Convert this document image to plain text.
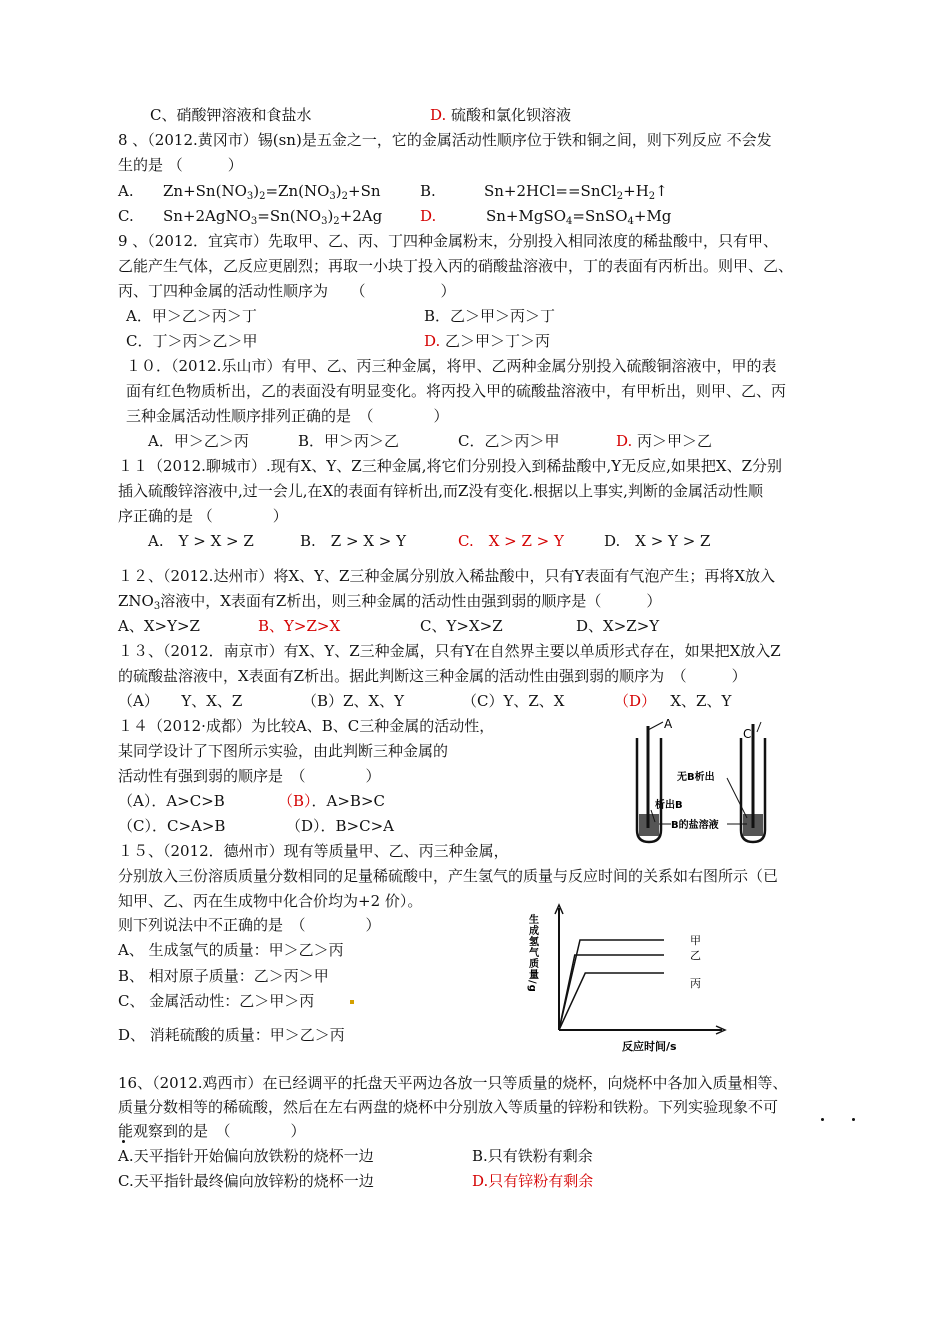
C、硝酸钾溶液和食盐水	D. 硫酸和氯化钡溶液
8 、（2012.黄冈市）锡(sn)是五金之一，它的金属活动性顺序位于铁和铜之间，则下列反应 不会发
生的是 （　　　）
A. $Zn+Sn(NO_3)_2=Zn(NO_3)_2+Sn$	B.	$Sn+2HCl==SnCl_2+H_2↑$
C. $Sn+2AgNO_3=Sn(NO_3)_2+2Ag$	D.	Sn+MgSO$_4$=SnSO$_4$+Mg
9 、（2012．宜宾市）先取甲、乙、丙、丁四种金属粉末，分别投入相同浓度的稀盐酸中，只有甲、
乙能产生气体，乙反应更剧烈；再取一小块丁投入丙的硝酸盐溶液中，丁的表面有丙析出。则甲、乙、
丙、丁四种金属的活动性顺序为　　（　　　　　）
A．甲＞乙＞丙＞丁	B．乙＞甲＞丙＞丁
C．丁＞丙＞乙＞甲	D. 乙＞甲＞丁＞丙
１０．（2012.乐山市）有甲、乙、丙三种金属，将甲、乙两种金属分别投入硫酸铜溶液中，甲的表
面有红色物质析出，乙的表面没有明显变化。将丙投入甲的硫酸盐溶液中，有甲析出，则甲、乙、丙
三种金属活动性顺序排列正确的是　（　　　　）
A．甲＞乙＞丙	B．甲＞丙＞乙	C．乙＞丙＞甲	D. 丙＞甲＞乙
１１（2012.聊城市）.现有X、Y、Z三种金属,将它们分别投入到稀盐酸中,Y无反应,如果把X、Z分别
插入硫酸锌溶液中,过一会儿,在X的表面有锌析出,而Z没有变化.根据以上事实,判断的金属活动性顺
序正确的是 （　　　　）
A.　Y > X > Z	B.　Z > X > Y	C.　X > Z > Y	D.　X > Y > Z
１２、（2012.达州市）将X、Y、Z三种金属分别放入稀盐酸中，只有Y表面有气泡产生；再将X放入
$ZNO_3$溶液中，X表面有Z析出，则三种金属的活动性由强到弱的顺序是（　　　）
A、X>Y>Z	B、Y>Z>X	C、Y>X>Z	D、X>Z>Y
１３、（2012．南京市）有X、Y、Z三种金属，只有Y在自然界主要以单质形式存在，如果把X放入Z
的硫酸盐溶液中，X表面有Z析出。据此判断这三种金属的活动性由强到弱的顺序为　（　　　）
（A）　　Y、X、Z	（B）Z、X、Y	（C）Y、Z、X	（D） X、Z、Y
１４（2012·成都）为比较A、B、C三种金属的活动性，
某同学设计了下图所示实验，由此判断三种金属的
活动性有强到弱的顺序是　（　　　　）
（A）．A>C>B	（B）．A>B>C
（C）．C>A>B	（D）．B>C>A
A
C
无B析出
析出B
B的盐溶液
１５、（2012．德州市）现有等质量甲、乙、丙三种金属，
分别放入三份溶质质量分数相同的足量稀硫酸中，产生氢气的质量与反应时间的关系如右图所示（已
知甲、乙、丙在生成物中化合价均为+2 价）。
则下列说法中不正确的是　（　　　　）
A、 生成氢气的质量：甲＞乙＞丙
B、 相对原子质量：乙＞丙＞甲
C、 金属活动性：乙＞甲＞丙
D、 消耗硫酸的质量：甲＞乙＞丙
生成氢气质量/g
反应时间/s
甲
乙
丙
16、（2012.鸡西市）在已经调平的托盘天平两边各放一只等质量的烧杯，向烧杯中各加入质量相等、
质量分数相等的稀硫酸，然后在左右两盘的烧杯中分别放入等质量的锌粉和铁粉。下列实验现象不可
能观察到的是　（　　　　）
A.天平指针开始偏向放铁粉的烧杯一边	B.只有铁粉有剩余
C.天平指针最终偏向放锌粉的烧杯一边	D.只有锌粉有剩余
